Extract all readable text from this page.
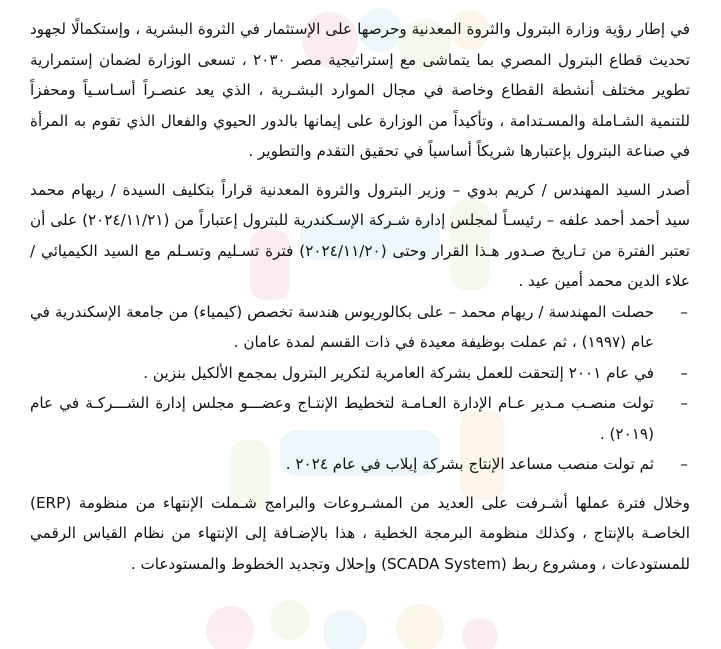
في إطار رؤية وزارة البترول والثروة المعدنية وحرصها على الإستثمار في الثروة البشرية ، وإستكمالًا لجهود تحديث قطاع البترول المصري بما يتماشى مع إستراتيجية مصر ٢٠٣٠ ، تسعى الوزارة لضمان إستمرارية تطوير مختلف أنشطة القطاع وخاصة في مجال الموارد البشـرية ، الذي يعد عنصـراً أسـاسـياً ومحفزاً للتنمية الشـاملة والمسـتدامة ، وتأكيداً من الوزارة على إيمانها بالدور الحيوي والفعال الذي تقوم به المرأة في صناعة البترول بإعتبارها شريكاً أساسياً في تحقيق التقدم والتطوير .

أصدر السيد المهندس / كريم بدوي – وزير البترول والثروة المعدنية قراراً بتكليف السيدة / ريهام محمد سيد أحمد أحمد علفه – رئيسـاً لمجلس إدارة شـركة الإسـكندرية للبترول إعتباراً من (٢٠٢٤/١١/٢١) على أن تعتبر الفترة من تـاريخ صـدور هـذا القرار وحتى (٢٠٢٤/١١/٢٠) فترة تسـليم وتسـلم مع السيد الكيميائي / علاء الدين محمد أمين عيد .

–
حصلت المهندسة / ريهام محمد – على بكالوريوس هندسة تخصص (كيمياء) من جامعة الإسكندرية في عام (١٩٩٧) ، ثم عملت بوظيفة معيدة في ذات القسم لمدة عامان .
–
في عام ٢٠٠١ إلتحقت للعمل بشركة العامرية لتكرير البترول بمجمع الألكيل بنزين .
–
تولت منصـب مـدير عـام الإدارة العـامـة لتخطيط الإنتـاج وعضـــو مجلس إدارة الشـــركـة في عام (٢٠١٩) .
–
ثم تولت منصب مساعد الإنتاج بشركة إيلاب في عام ٢٠٢٤ .

وخلال فترة عملها أشـرفت على العديد من المشـروعات والبرامج شـملت الإنتهاء من منظومة (ERP) الخاصـة بالإنتاج ، وكذلك منظومة البرمجة الخطية ، هذا بالإضـافة إلى الإنتهاء من نظام القياس الرقمي للمستودعات ، ومشروع ربط (SCADA System) وإحلال وتجديد الخطوط والمستودعات .
